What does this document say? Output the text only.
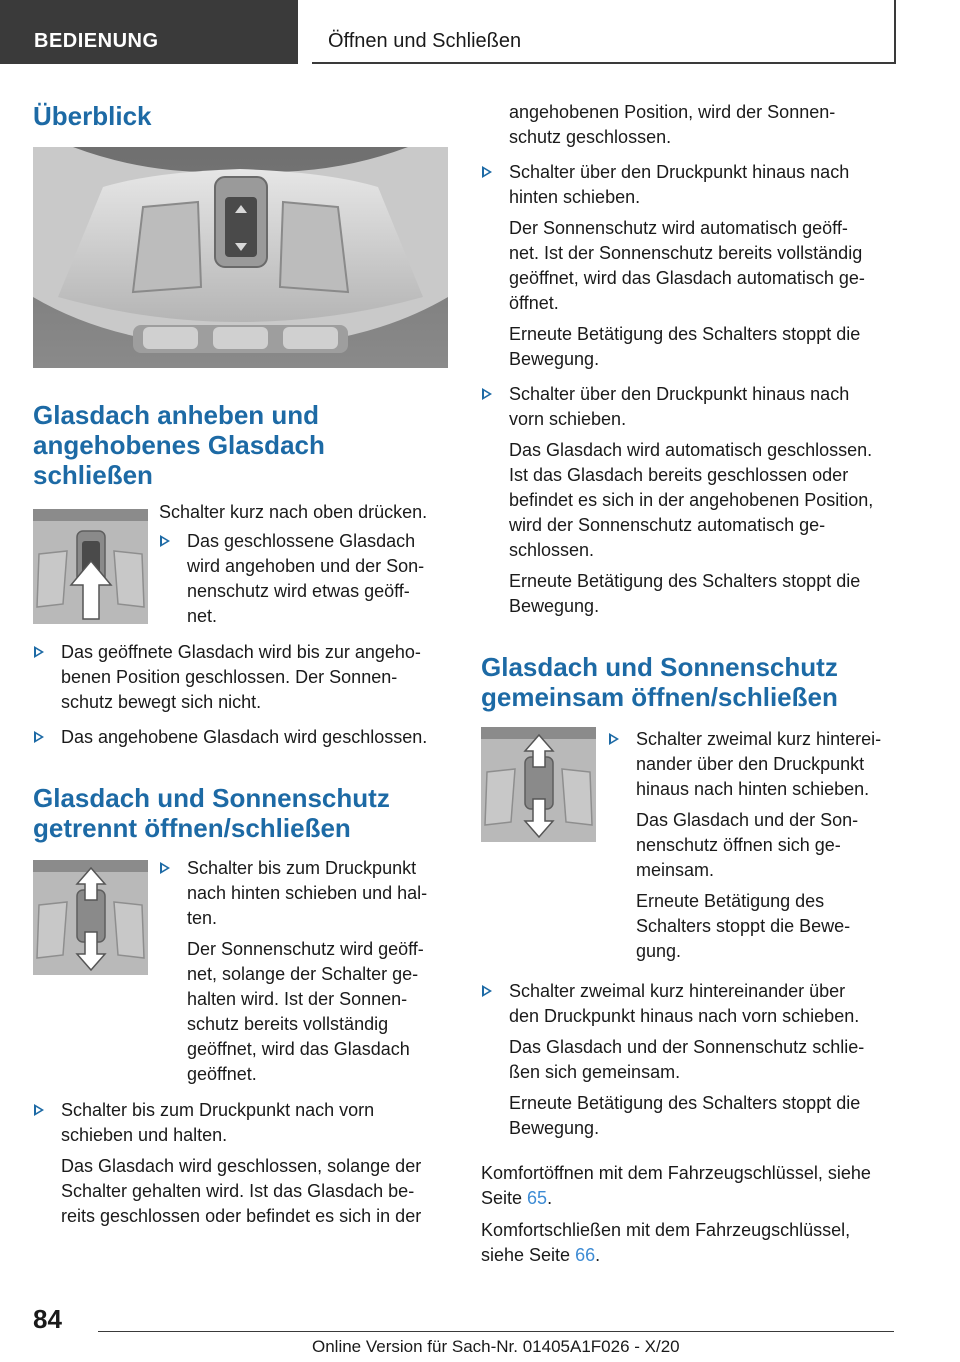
BEDIENUNG	Öffnen und Schließen
Überblick
Glasdach anheben und
angehobenes Glasdach
schließen

Schalter kurz nach oben drücken.

Das geschlossene Glasdach
wird angehoben und der Son-
nenschutz wird etwas geöff-
net.

Das geöffnete Glasdach wird bis zur angeho-
benen Position geschlossen. Der Sonnen-
schutz bewegt sich nicht.

Das angehobene Glasdach wird geschlossen.

Glasdach und Sonnenschutz
getrennt öffnen/schließen

Schalter bis zum Druckpunkt
nach hinten schieben und hal-
ten.

Der Sonnenschutz wird geöff-
net, solange der Schalter ge-
halten wird. Ist der Sonnen-
schutz bereits vollständig
geöffnet, wird das Glasdach
geöffnet.

Schalter bis zum Druckpunkt nach vorn
schieben und halten.

Das Glasdach wird geschlossen, solange der
Schalter gehalten wird. Ist das Glasdach be-
reits geschlossen oder befindet es sich in der

angehobenen Position, wird der Sonnen-
schutz geschlossen.

Schalter über den Druckpunkt hinaus nach
hinten schieben.

Der Sonnenschutz wird automatisch geöff-
net. Ist der Sonnenschutz bereits vollständig
geöffnet, wird das Glasdach automatisch ge-
öffnet.

Erneute Betätigung des Schalters stoppt die
Bewegung.

Schalter über den Druckpunkt hinaus nach
vorn schieben.

Das Glasdach wird automatisch geschlossen.
Ist das Glasdach bereits geschlossen oder
befindet es sich in der angehobenen Position,
wird der Sonnenschutz automatisch ge-
schlossen.

Erneute Betätigung des Schalters stoppt die
Bewegung.

Glasdach und Sonnenschutz
gemeinsam öffnen/schließen

Schalter zweimal kurz hinterei-
nander über den Druckpunkt
hinaus nach hinten schieben.

Das Glasdach und der Son-
nenschutz öffnen sich ge-
meinsam.

Erneute Betätigung des
Schalters stoppt die Bewe-
gung.

Schalter zweimal kurz hintereinander über
den Druckpunkt hinaus nach vorn schieben.

Das Glasdach und der Sonnenschutz schlie-
ßen sich gemeinsam.

Erneute Betätigung des Schalters stoppt die
Bewegung.

Komfortöffnen mit dem Fahrzeugschlüssel, siehe
Seite 65.

Komfortschließen mit dem Fahrzeugschlüssel,
siehe Seite 66.

84
Online Version für Sach-Nr. 01405A1F026 - X/20
